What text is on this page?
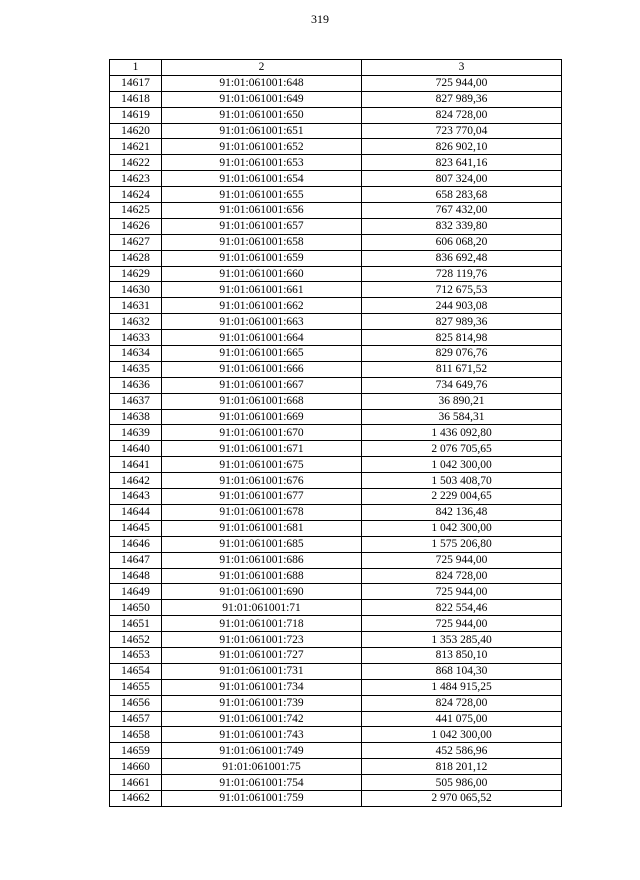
319
1	2	3
14617	91:01:061001:648	725 944,00
14618	91:01:061001:649	827 989,36
14619	91:01:061001:650	824 728,00
14620	91:01:061001:651	723 770,04
14621	91:01:061001:652	826 902,10
14622	91:01:061001:653	823 641,16
14623	91:01:061001:654	807 324,00
14624	91:01:061001:655	658 283,68
14625	91:01:061001:656	767 432,00
14626	91:01:061001:657	832 339,80
14627	91:01:061001:658	606 068,20
14628	91:01:061001:659	836 692,48
14629	91:01:061001:660	728 119,76
14630	91:01:061001:661	712 675,53
14631	91:01:061001:662	244 903,08
14632	91:01:061001:663	827 989,36
14633	91:01:061001:664	825 814,98
14634	91:01:061001:665	829 076,76
14635	91:01:061001:666	811 671,52
14636	91:01:061001:667	734 649,76
14637	91:01:061001:668	36 890,21
14638	91:01:061001:669	36 584,31
14639	91:01:061001:670	1 436 092,80
14640	91:01:061001:671	2 076 705,65
14641	91:01:061001:675	1 042 300,00
14642	91:01:061001:676	1 503 408,70
14643	91:01:061001:677	2 229 004,65
14644	91:01:061001:678	842 136,48
14645	91:01:061001:681	1 042 300,00
14646	91:01:061001:685	1 575 206,80
14647	91:01:061001:686	725 944,00
14648	91:01:061001:688	824 728,00
14649	91:01:061001:690	725 944,00
14650	91:01:061001:71	822 554,46
14651	91:01:061001:718	725 944,00
14652	91:01:061001:723	1 353 285,40
14653	91:01:061001:727	813 850,10
14654	91:01:061001:731	868 104,30
14655	91:01:061001:734	1 484 915,25
14656	91:01:061001:739	824 728,00
14657	91:01:061001:742	441 075,00
14658	91:01:061001:743	1 042 300,00
14659	91:01:061001:749	452 586,96
14660	91:01:061001:75	818 201,12
14661	91:01:061001:754	505 986,00
14662	91:01:061001:759	2 970 065,52
